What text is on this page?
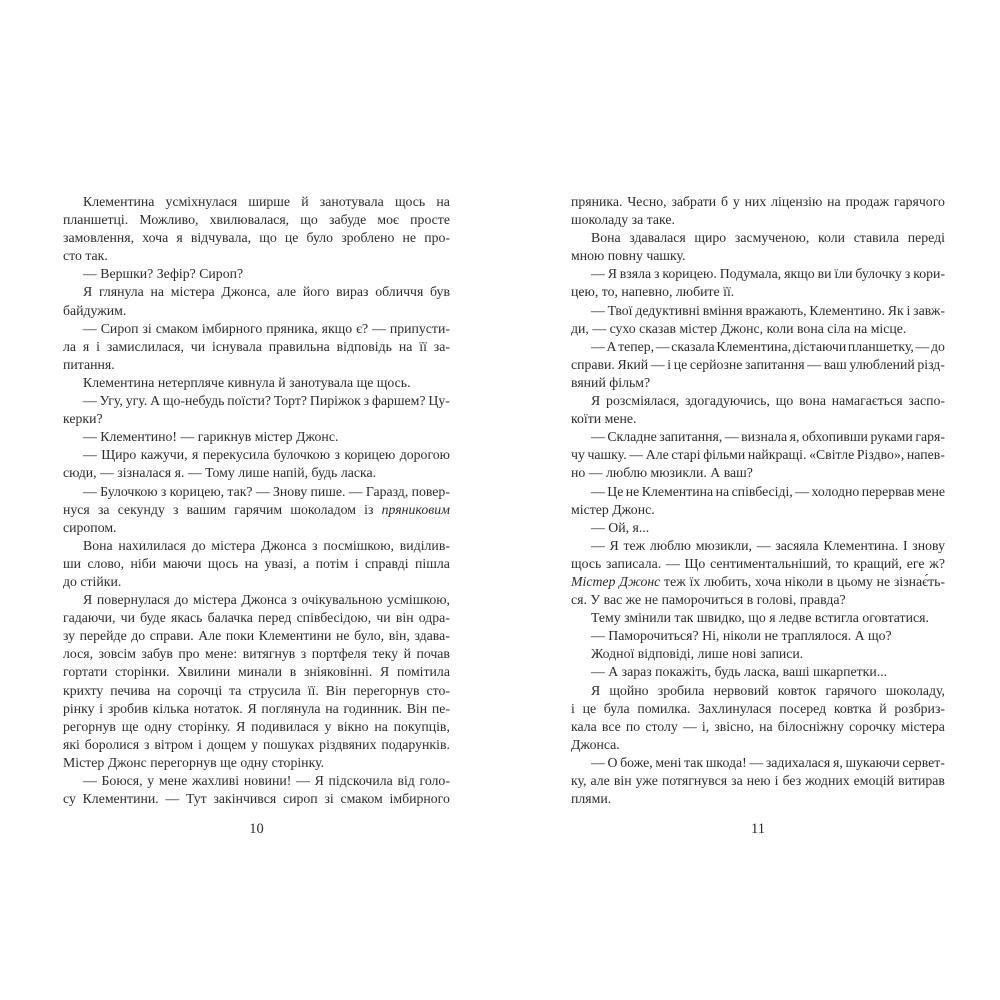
Клементина усміхнулася ширше й занотувала щось на
планшетці. Можливо, хвилювалася, що забуде моє просте
замовлення, хоча я відчувала, що це було зроблено не про-
сто так.
— Вершки? Зефір? Сироп?
Я глянула на містера Джонса, але його вираз обличчя був
байдужим.
— Сироп зі смаком імбирного пряника, якщо є? — припусти-
ла я і замислилася, чи існувала правильна відповідь на її за-
питання.
Клементина нетерпляче кивнула й занотувала ще щось.
— Угу, угу. А що-небудь поїсти? Торт? Пиріжок з фаршем? Цу-
керки?
— Клементино! — гарикнув містер Джонс.
— Щиро кажучи, я перекусила булочкою з корицею дорогою
сюди, — зізналася я. — Тому лише напій, будь ласка.
— Булочкою з корицею, так? — Знову пише. — Гаразд, повер-
нуся за секунду з вашим гарячим шоколадом із пряниковим
сиропом.
Вона нахилилася до містера Джонса з посмішкою, виділив-
ши слово, ніби маючи щось на увазі, а потім і справді пішла
до стійки.
Я повернулася до містера Джонса з очікувальною усмішкою,
гадаючи, чи буде якась балачка перед співбесідою, чи він одра-
зу перейде до справи. Але поки Клементини не було, він, здава-
лося, зовсім забув про мене: витягнув з портфеля теку й почав
гортати сторінки. Хвилини минали в зніяковінні. Я помітила
крихту печива на сорочці та струсила її. Він перегорнув сто-
рінку і зробив кілька нотаток. Я поглянула на годинник. Він пе-
регорнув ще одну сторінку. Я подивилася у вікно на покупців,
які боролися з вітром і дощем у пошуках різдвяних подарунків.
Містер Джонс перегорнув ще одну сторінку.
— Боюся, у мене жахливі новини! — Я підскочила від голо-
су Клементини. — Тут закінчився сироп зі смаком імбирного
10
пряника. Чесно, забрати б у них ліцензію на продаж гарячого
шоколаду за таке.
Вона здавалася щиро засмученою, коли ставила переді
мною повну чашку.
— Я взяла з корицею. Подумала, якщо ви їли булочку з кори-
цею, то, напевно, любите її.
— Твої дедуктивні вміння вражають, Клементино. Як і завж-
ди, — сухо сказав містер Джонс, коли вона сіла на місце.
— А тепер, — сказала Клементина, дістаючи планшетку, — до
справи. Який — і це серйозне запитання — ваш улюблений різд-
вяний фільм?
Я розсміялася, здогадуючись, що вона намагається заспо-
коїти мене.
— Складне запитання, — визнала я, обхопивши руками гаря-
чу чашку. — Але старі фільми найкращі. «Світле Різдво», напев-
но — люблю мюзикли. А ваш?
— Це не Клементина на співбесіді, — холодно перервав мене
містер Джонс.
— Ой, я...
— Я теж люблю мюзикли, — засяяла Клементина. І знову
щось записала. — Що сентиментальніший, то кращий, еге ж?
Містер Джонс теж їх любить, хоча ніколи в цьому не зізнає́ть-
ся. У вас же не паморочиться в голові, правда?
Тему змінили так швидко, що я ледве встигла оговтатися.
— Паморочиться? Ні, ніколи не траплялося. А що?
Жодної відповіді, лише нові записи.
— А зараз покажіть, будь ласка, ваші шкарпетки...
Я щойно зробила нервовий ковток гарячого шоколаду,
і це була помилка. Захлинулася посеред ковтка й розбриз-
кала все по столу — і, звісно, на білосніжну сорочку містера
Джонса.
— О боже, мені так шкода! — задихалася я, шукаючи сервет-
ку, але він уже потягнувся за нею і без жодних емоцій витирав
плями.
11
